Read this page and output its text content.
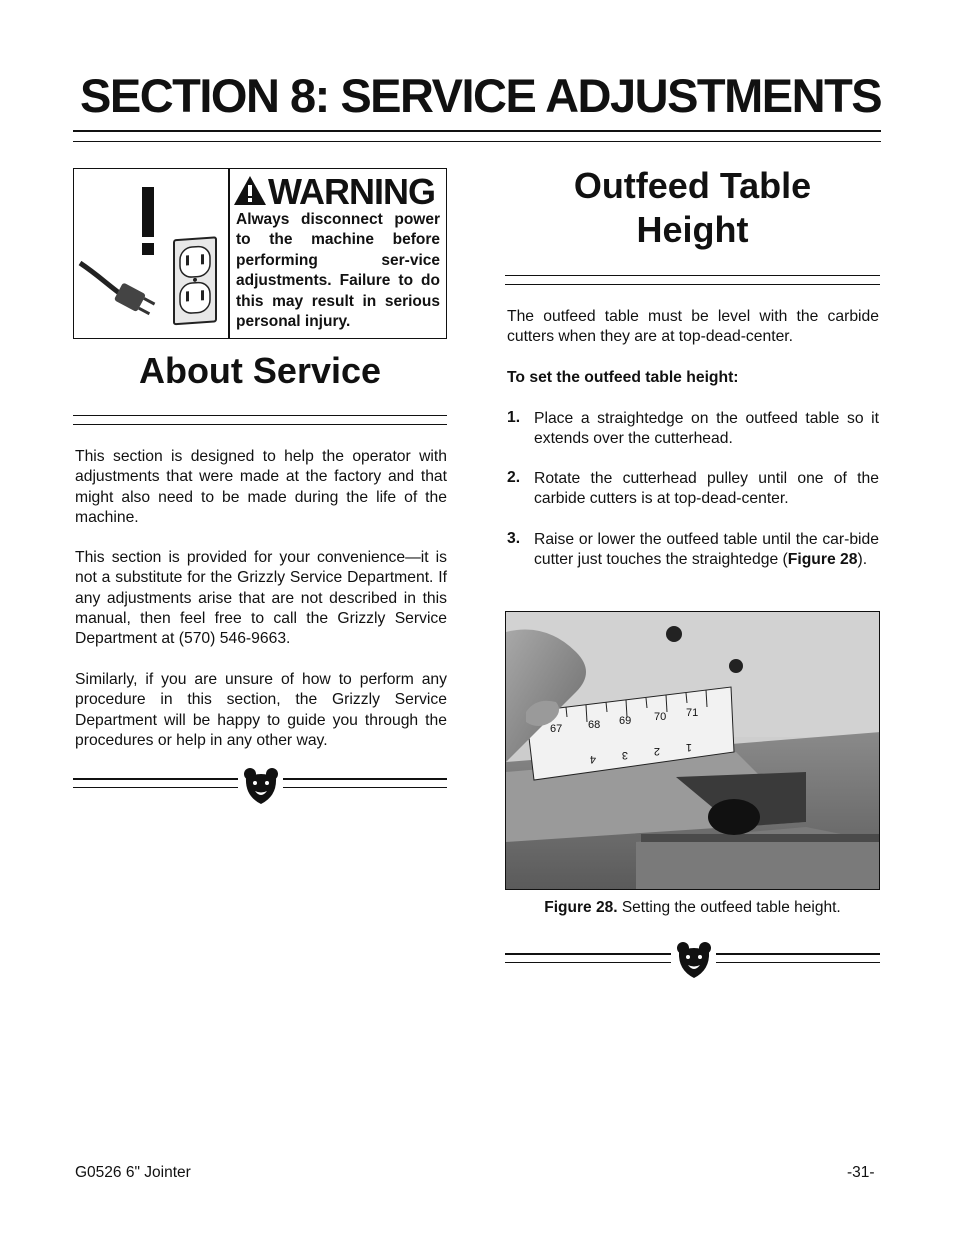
SECTION 8: SERVICE ADJUSTMENTS
WARNING
Always disconnect power to the machine before performing ser-vice adjustments. Failure to do this may result in serious personal injury.
About Service

This section is designed to help the operator with adjustments that were made at the factory and that might also need to be made during the life of the machine.

This section is provided for your convenience—it is not a substitute for the Grizzly Service Department. If any adjustments arise that are not described in this manual, then feel free to call the Grizzly Service Department at (570) 546-9663.

Similarly, if you are unsure of how to perform any procedure in this section, the Grizzly Service Department will be happy to guide you through the procedures or help in any other way.

Outfeed Table
Height

The outfeed table must be level with the carbide cutters when they are at top-dead-center.

To set the outfeed table height:

1. Place a straightedge on the outfeed table so it extends over the cutterhead.

2. Rotate the cutterhead pulley until one of the carbide cutters is at top-dead-center.

3. Raise or lower the outfeed table until the car-bide cutter just touches the straightedge (Figure 28).

67 68 69 70 71
4 3 2 1
Figure 28. Setting the outfeed table height.
G0526 6" Jointer	-31-
